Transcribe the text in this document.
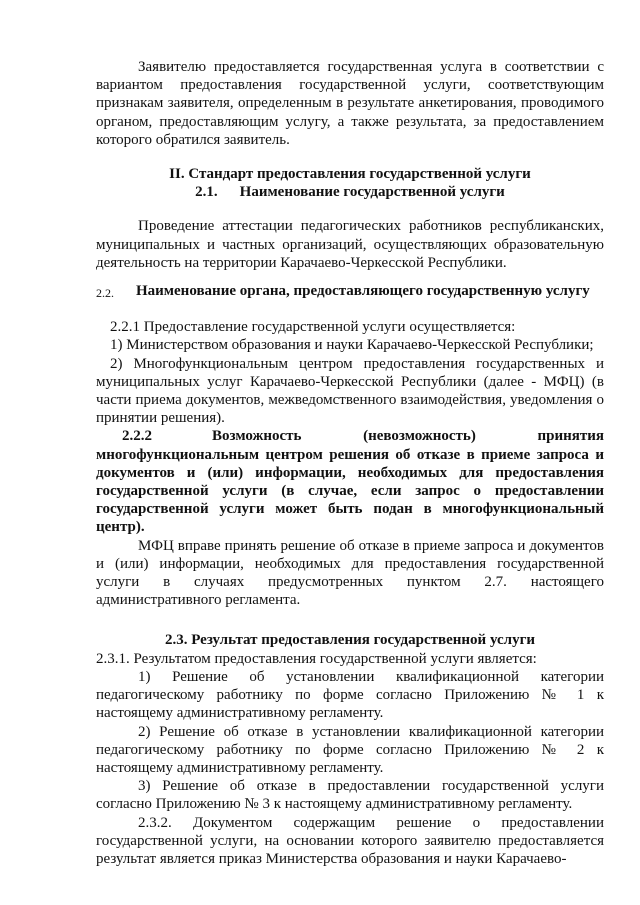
Заявителю предоставляется государственная услуга в соответствии с вариантом предоставления государственной услуги, соответствующим признакам заявителя, определенным в результате анкетирования, проводимого органом, предоставляющим услугу, а также результата, за предоставлением которого обратился заявитель.

II. Стандарт предоставления государственной услуги
2.1. Наименование государственной услуги

Проведение аттестации педагогических работников республиканских, муниципальных и частных организаций, осуществляющих образовательную деятельность на территории Карачаево-Черкесской Республики.

2.2.	Наименование органа, предоставляющего государственную услугу

2.2.1 Предоставление государственной услуги осуществляется:

1) Министерством образования и науки Карачаево-Черкесской Республики;

2) Многофункциональным центром предоставления государственных и муниципальных услуг Карачаево-Черкесской Республики (далее - МФЦ) (в части приема документов, межведомственного взаимодействия, уведомления о принятии решения).

2.2.2	Возможность (невозможность) принятия многофункциональным центром решения об отказе в приеме запроса и документов и (или) информации, необходимых для предоставления государственной услуги (в случае, если запрос о предоставлении государственной услуги может быть подан в многофункциональный центр).

МФЦ вправе принять решение об отказе в приеме запроса и документов и (или) информации, необходимых для предоставления государственной услуги в случаях предусмотренных пунктом 2.7. настоящего административного регламента.

2.3. Результат предоставления государственной услуги

2.3.1. Результатом предоставления государственной услуги является:

1) Решение об установлении квалификационной категории педагогическому работнику по форме согласно Приложению № 1 к настоящему административному регламенту.

2) Решение об отказе в установлении квалификационной категории педагогическому работнику по форме согласно Приложению № 2 к настоящему административному регламенту.

3) Решение об отказе в предоставлении государственной услуги согласно Приложению № 3 к настоящему административному регламенту.

2.3.2. Документом содержащим решение о предоставлении государственной услуги, на основании которого заявителю предоставляется результат является приказ Министерства образования и науки Карачаево-
